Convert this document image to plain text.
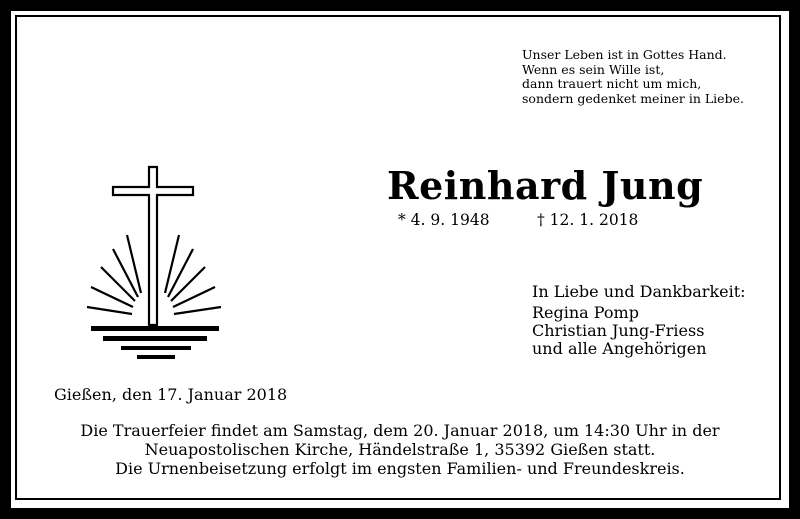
Unser Leben ist in Gottes Hand.
Wenn es sein Wille ist,
dann trauert nicht um mich,
sondern gedenket meiner in Liebe.
Reinhard Jung
* 4. 9. 1948	† 12. 1. 2018
In Liebe und Dankbarkeit:
Regina Pomp
Christian Jung-Friess
und alle Angehörigen
Gießen, den 17. Januar 2018
Die Trauerfeier findet am Samstag, dem 20. Januar 2018, um 14:30 Uhr in der
Neuapostolischen Kirche, Händelstraße 1, 35392 Gießen statt.
Die Urnenbeisetzung erfolgt im engsten Familien- und Freundeskreis.
